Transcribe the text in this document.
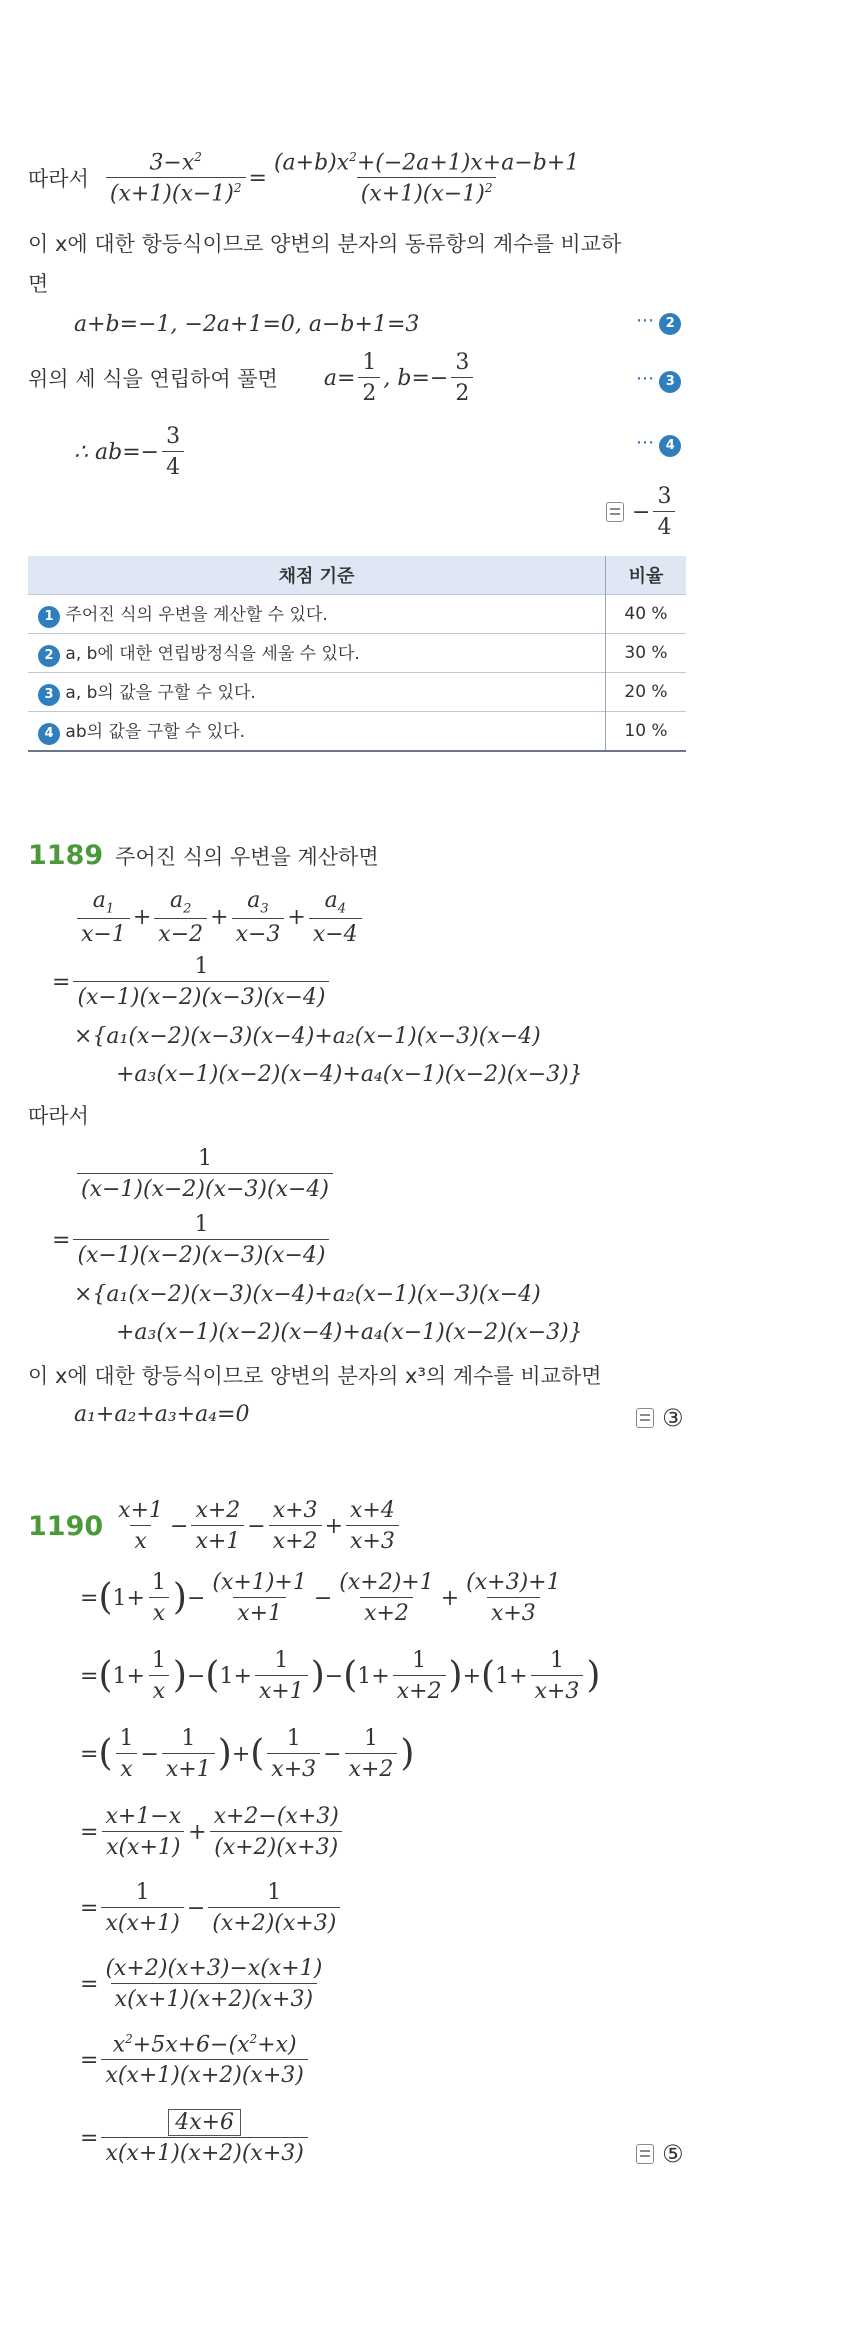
따라서 $\frac{3-x^2}{(x+1)(x-1)^2} = \frac{(a+b)x^2+(-2a+1)x+a-b+1}{(x+1)(x-1)^2}$
이 x에 대한 항등식이므로 양변의 분자의 동류항의 계수를 비교하
면
a+b=−1, −2a+1=0, a−b+1=3	··· 2
위의 세 식을 연립하여 풀면 $a= \frac{1}{2}$ , $b=- \frac{3}{2}$	··· 3
∴ $ab=- \frac{3}{4}$	··· 4
− $\frac{3}{4}$
채점 기준	비율
1 주어진 식의 우변을 계산할 수 있다.	40 %
2 a, b에 대한 연립방정식을 세울 수 있다.	30 %
3 a, b의 값을 구할 수 있다.	20 %
4 ab의 값을 구할 수 있다.	10 %
1189 주어진 식의 우변을 계산하면
$\frac{a_1}{x-1} + \frac{a_2}{x-2} + \frac{a_3}{x-3} + \frac{a_4}{x-4}$
= $\frac{1}{(x-1)(x-2)(x-3)(x-4)}$
×{a₁(x−2)(x−3)(x−4)+a₂(x−1)(x−3)(x−4)
+a₃(x−1)(x−2)(x−4)+a₄(x−1)(x−2)(x−3)}
따라서
$\frac{1}{(x-1)(x-2)(x-3)(x-4)}$
= $\frac{1}{(x-1)(x-2)(x-3)(x-4)}$
×{a₁(x−2)(x−3)(x−4)+a₂(x−1)(x−3)(x−4)
+a₃(x−1)(x−2)(x−4)+a₄(x−1)(x−2)(x−3)}
이 x에 대한 항등식이므로 양변의 분자의 x³의 계수를 비교하면
a₁+a₂+a₃+a₄=0	③
$1190 \frac{x+1}{x} - \frac{x+2}{x+1} - \frac{x+3}{x+2} + \frac{x+4}{x+3}$
= ( $1+ \frac{1}{x}$ ) − $\frac{(x+1)+1}{x+1} - \frac{(x+2)+1}{x+2} + \frac{(x+3)+1}{x+3}$
= ( $1+ \frac{1}{x}$ ) − ( $1+ \frac{1}{x+1}$ ) − ( $1+ \frac{1}{x+2}$ ) + ( $1+ \frac{1}{x+3}$ )
= ( $\frac{1}{x} - \frac{1}{x+1}$ ) + ( $\frac{1}{x+3} - \frac{1}{x+2}$ )
= $\frac{x+1-x}{x(x+1)} + \frac{x+2-(x+3)}{(x+2)(x+3)}$
= $\frac{1}{x(x+1)} - \frac{1}{(x+2)(x+3)}$
= $\frac{(x+2)(x+3)-x(x+1)}{x(x+1)(x+2)(x+3)}$
= $\frac{x^2+5x+6-(x^2+x)}{x(x+1)(x+2)(x+3)}$
= $\frac{4x+6}{x(x+1)(x+2)(x+3)}$	⑤
